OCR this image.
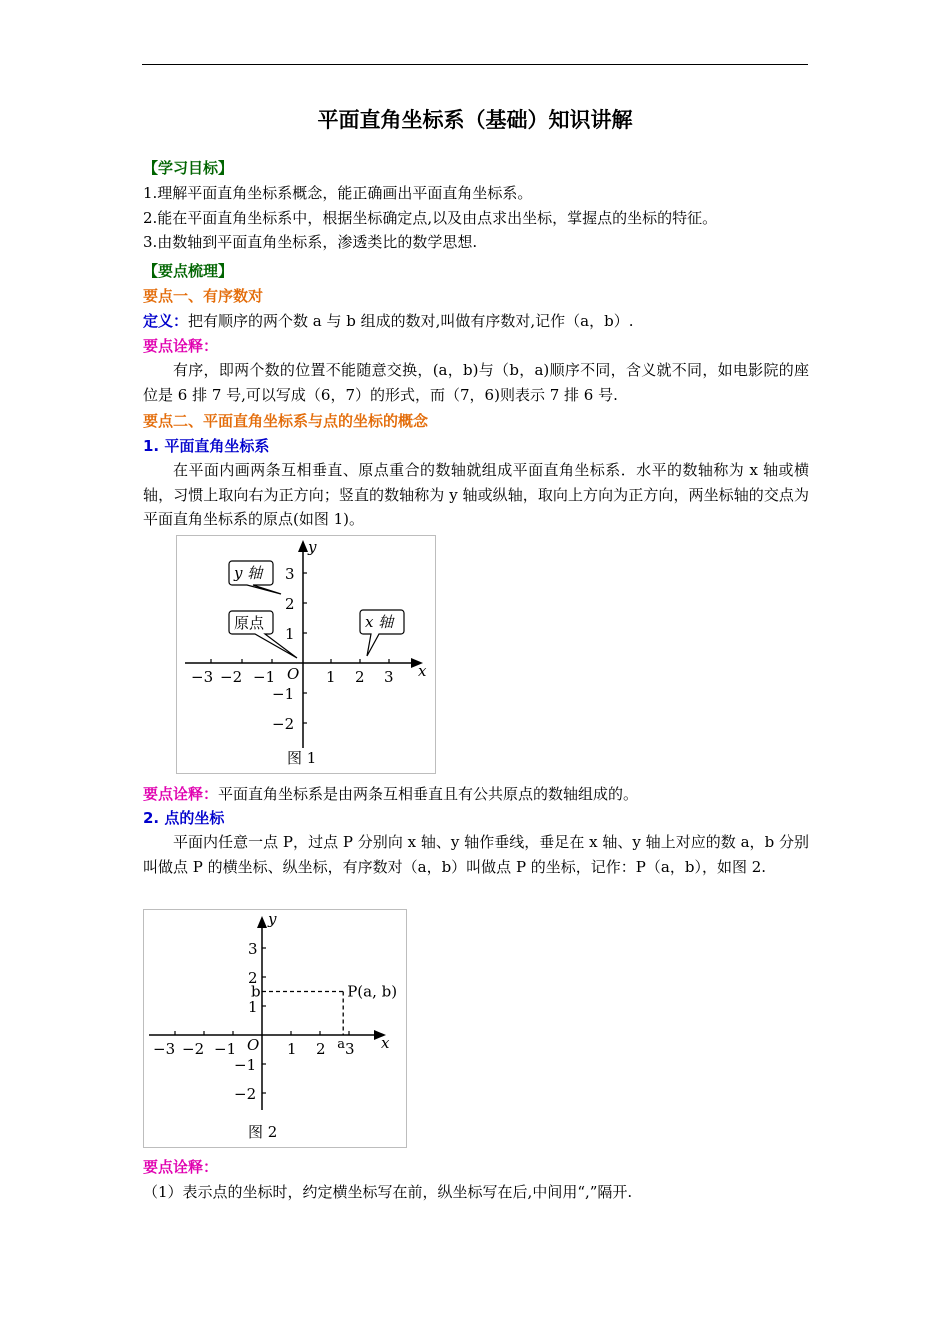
平面直角坐标系（基础）知识讲解
【学习目标】
1.理解平面直角坐标系概念，能正确画出平面直角坐标系。
2.能在平面直角坐标系中，根据坐标确定点,以及由点求出坐标，掌握点的坐标的特征。
3.由数轴到平面直角坐标系，渗透类比的数学思想.
【要点梳理】
要点一、有序数对
定义：把有顺序的两个数 a 与 b 组成的数对,叫做有序数对,记作（a，b）.
要点诠释：
有序，即两个数的位置不能随意交换，(a，b)与（b，a)顺序不同，含义就不同，如电影院的座位是 6 排 7 号,可以写成（6，7）的形式，而（7，6)则表示 7 排 6 号.
要点二、平面直角坐标系与点的坐标的概念
1. 平面直角坐标系
在平面内画两条互相垂直、原点重合的数轴就组成平面直角坐标系．水平的数轴称为 x 轴或横轴，习惯上取向右为正方向；竖直的数轴称为 y 轴或纵轴，取向上方向为正方向，两坐标轴的交点为平面直角坐标系的原点(如图 1)。
−3 −2 −1	1 2 3
3
2
1
−1
−2
O	x
y
图 1
y 轴
原点	x 轴
要点诠释：平面直角坐标系是由两条互相垂直且有公共原点的数轴组成的。
2. 点的坐标
平面内任意一点 P，过点 P 分别向 x 轴、y 轴作垂线，垂足在 x 轴、y 轴上对应的数 a，b 分别叫做点 P 的横坐标、纵坐标，有序数对（a，b）叫做点 P 的坐标，记作：P（a，b），如图 2.
−3 −2 −1	1 2 3
3
2
1
−1
−2
O	x
y
b
a
P(a, b)
图 2
要点诠释：
（1）表示点的坐标时，约定横坐标写在前，纵坐标写在后,中间用“,”隔开.
